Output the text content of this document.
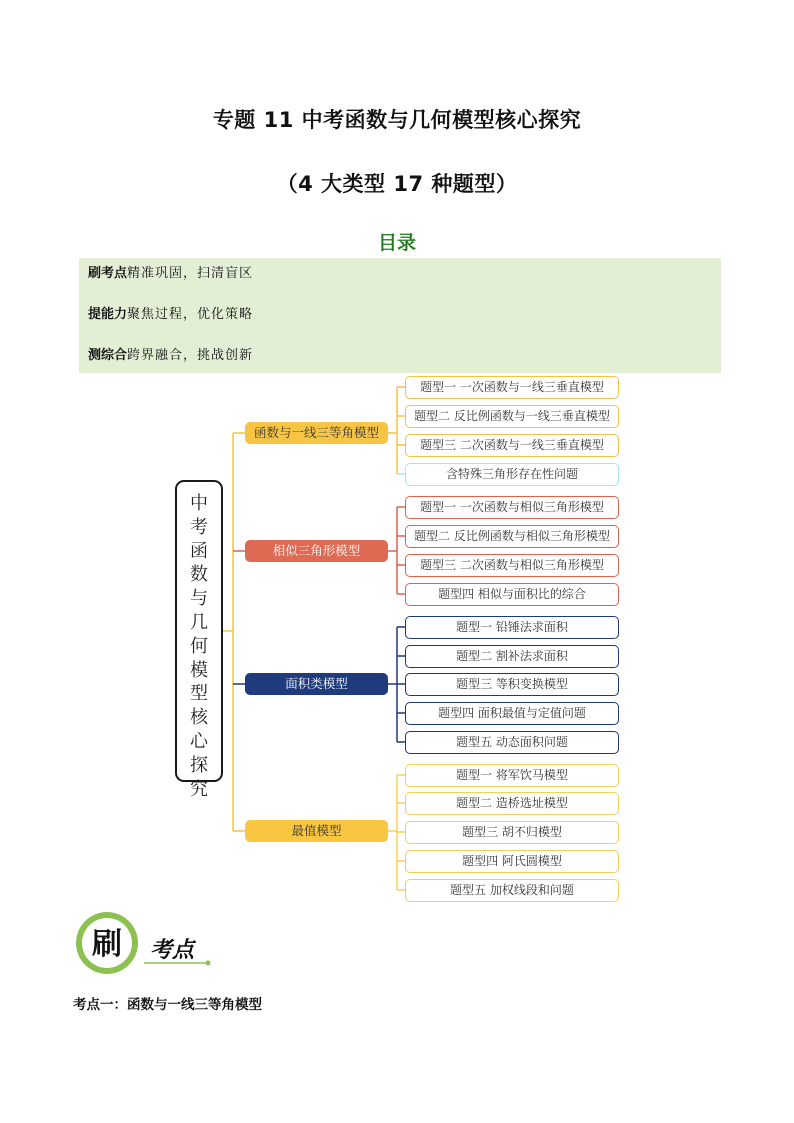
专题 11 中考函数与几何模型核心探究
（4 大类型 17 种题型）
目录
刷考点精准巩固，扫清盲区
提能力聚焦过程，优化策略
测综合跨界融合，挑战创新
中
考
函
数
与
几
何
模
型
核
心
探
究
函数与一线三等角模型
相似三角形模型
面积类模型
最值模型
题型一 一次函数与一线三垂直模型
题型二 反比例函数与一线三垂直模型
题型三 二次函数与一线三垂直模型
含特殊三角形存在性问题
题型一 一次函数与相似三角形模型
题型二 反比例函数与相似三角形模型
题型三 二次函数与相似三角形模型
题型四 相似与面积比的综合
题型一 铅锤法求面积
题型二 割补法求面积
题型三 等积变换模型
题型四 面积最值与定值问题
题型五 动态面积问题
题型一 将军饮马模型
题型二 造桥选址模型
题型三 胡不归模型
题型四 阿氏圆模型
题型五 加权线段和问题
刷 考点
考点一：函数与一线三等角模型
